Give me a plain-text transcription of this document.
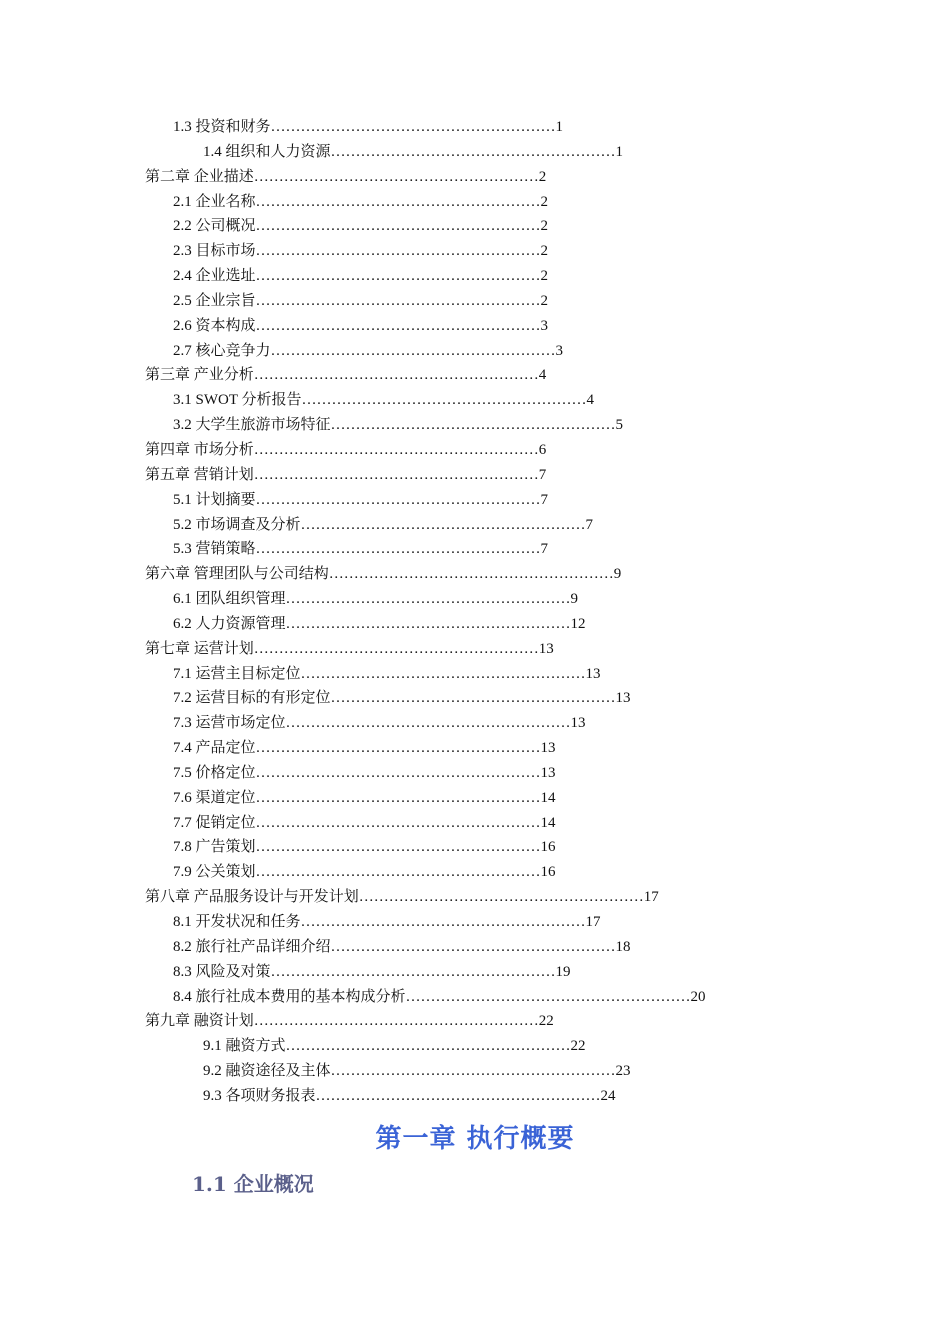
1.3 投资和财务…………………………………………………1
1.4 组织和人力资源…………………………………………………1
第二章 企业描述…………………………………………………2
2.1 企业名称…………………………………………………2
2.2 公司概况…………………………………………………2
2.3 目标市场…………………………………………………2
2.4 企业选址…………………………………………………2
2.5 企业宗旨…………………………………………………2
2.6 资本构成…………………………………………………3
2.7 核心竞争力…………………………………………………3
第三章 产业分析…………………………………………………4
3.1 SWOT 分析报告…………………………………………………4
3.2 大学生旅游市场特征…………………………………………………5
第四章 市场分析…………………………………………………6
第五章 营销计划…………………………………………………7
5.1 计划摘要…………………………………………………7
5.2 市场调查及分析…………………………………………………7
5.3 营销策略…………………………………………………7
第六章 管理团队与公司结构…………………………………………………9
6.1 团队组织管理…………………………………………………9
6.2 人力资源管理…………………………………………………12
第七章 运营计划…………………………………………………13
7.1 运营主目标定位…………………………………………………13
7.2 运营目标的有形定位…………………………………………………13
7.3 运营市场定位…………………………………………………13
7.4 产品定位…………………………………………………13
7.5 价格定位…………………………………………………13
7.6 渠道定位…………………………………………………14
7.7 促销定位…………………………………………………14
7.8 广告策划…………………………………………………16
7.9 公关策划…………………………………………………16
第八章 产品服务设计与开发计划…………………………………………………17
8.1 开发状况和任务…………………………………………………17
8.2 旅行社产品详细介绍…………………………………………………18
8.3 风险及对策…………………………………………………19
8.4 旅行社成本费用的基本构成分析…………………………………………………20
第九章 融资计划…………………………………………………22
9.1 融资方式…………………………………………………22
9.2 融资途径及主体…………………………………………………23
9.3 各项财务报表…………………………………………………24
第一章 执行概要
1.1 企业概况
